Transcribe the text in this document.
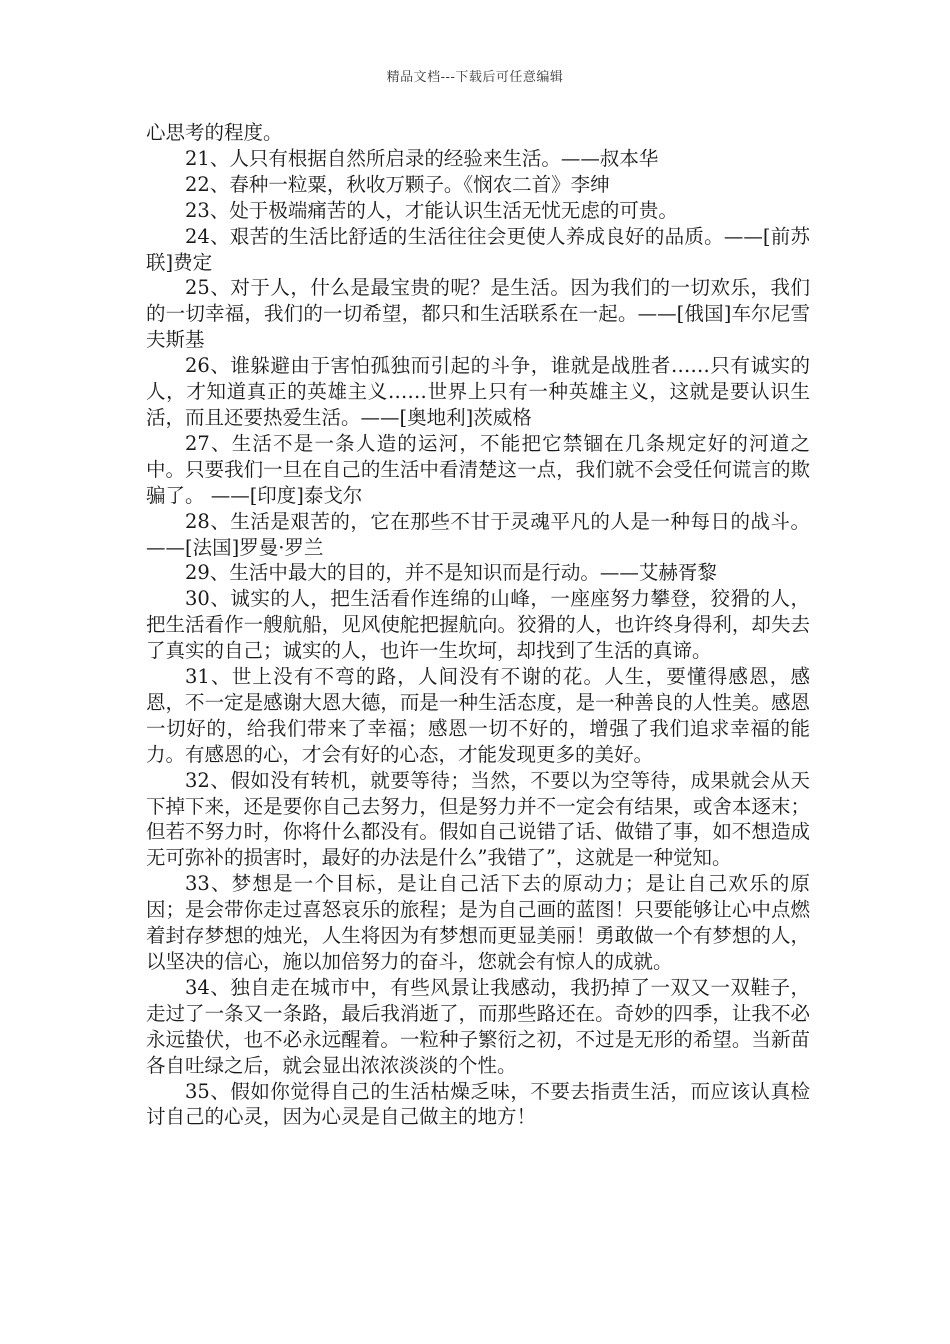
精品文档---下载后可任意编辑

心思考的程度。

21、人只有根据自然所启录的经验来生活。——叔本华

22、春种一粒粟，秋收万颗子。《悯农二首》李绅

23、处于极端痛苦的人，才能认识生活无忧无虑的可贵。

24、艰苦的生活比舒适的生活往往会更使人养成良好的品质。——[前苏联]费定

25、对于人，什么是最宝贵的呢？是生活。因为我们的一切欢乐，我们的一切幸福，我们的一切希望，都只和生活联系在一起。——[俄国]车尔尼雪夫斯基

26、谁躲避由于害怕孤独而引起的斗争，谁就是战胜者……只有诚实的人，才知道真正的英雄主义……世界上只有一种英雄主义，这就是要认识生活，而且还要热爱生活。——[奥地利]茨威格

27、生活不是一条人造的运河，不能把它禁锢在几条规定好的河道之中。只要我们一旦在自己的生活中看清楚这一点，我们就不会受任何谎言的欺骗了。 ——[印度]泰戈尔

28、生活是艰苦的，它在那些不甘于灵魂平凡的人是一种每日的战斗。 ——[法国]罗曼·罗兰

29、生活中最大的目的，并不是知识而是行动。——艾赫胥黎

30、诚实的人，把生活看作连绵的山峰，一座座努力攀登，狡猾的人，把生活看作一艘航船，见风使舵把握航向。狡猾的人，也许终身得利，却失去了真实的自己；诚实的人，也许一生坎坷，却找到了生活的真谛。

31、世上没有不弯的路，人间没有不谢的花。人生，要懂得感恩，感恩，不一定是感谢大恩大德，而是一种生活态度，是一种善良的人性美。感恩一切好的，给我们带来了幸福；感恩一切不好的，增强了我们追求幸福的能力。有感恩的心，才会有好的心态，才能发现更多的美好。

32、假如没有转机，就要等待；当然，不要以为空等待，成果就会从天下掉下来，还是要你自己去努力，但是努力并不一定会有结果，或舍本逐末；但若不努力时，你将什么都没有。假如自己说错了话、做错了事，如不想造成无可弥补的损害时，最好的办法是什么”我错了”，这就是一种觉知。

33、梦想是一个目标，是让自己活下去的原动力；是让自己欢乐的原因；是会带你走过喜怒哀乐的旅程；是为自己画的蓝图！只要能够让心中点燃着封存梦想的烛光，人生将因为有梦想而更显美丽！勇敢做一个有梦想的人，以坚决的信心，施以加倍努力的奋斗，您就会有惊人的成就。

34、独自走在城市中，有些风景让我感动，我扔掉了一双又一双鞋子，走过了一条又一条路，最后我消逝了，而那些路还在。奇妙的四季，让我不必永远蛰伏，也不必永远醒着。一粒种子繁衍之初，不过是无形的希望。当新苗各自吐绿之后，就会显出浓浓淡淡的个性。

35、假如你觉得自己的生活枯燥乏味，不要去指责生活，而应该认真检讨自己的心灵，因为心灵是自己做主的地方！
